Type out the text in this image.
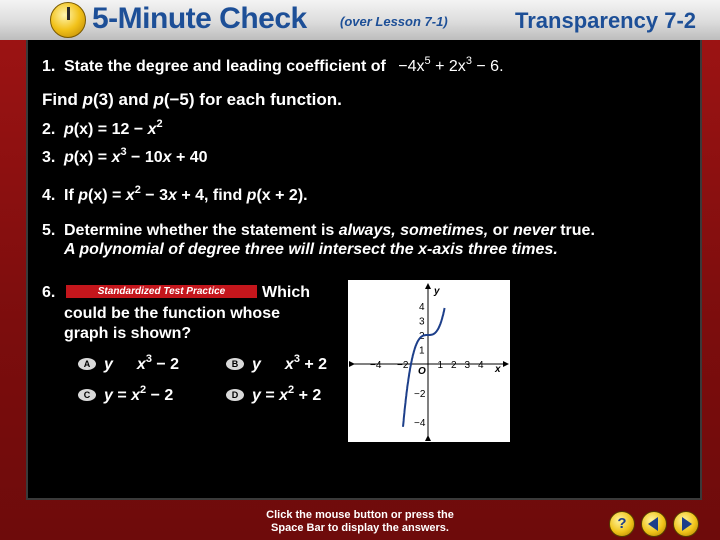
5-Minute Check	(over Lesson 7-1)	Transparency 7-2
1. State the degree and leading coefficient of $-4x^5 + 2x^3 - 6$.
Find p(3) and p(−5) for each function.
2. $p(x) = 12 - x^2$
3. $p(x) = x^3 - 10x + 40$
4. If $p(x) = x^2 - 3x + 4$, find p(x + 2).
5. Determine whether the statement is always, sometimes, or never true.
A polynomial of degree three will intersect the x-axis three times.
6.	Standardized Test Practice	Which
could be the function whose
graph is shown?
A y $x^3 - 2$	B y $x^3 + 2$
C $y = x^2 - 2$	D $y = x^2 + 2$
−4 −2	1 2 3 4
4
3
2
1
−2
−4
y
x
O
Click the mouse button or press the
Space Bar to display the answers.	?
